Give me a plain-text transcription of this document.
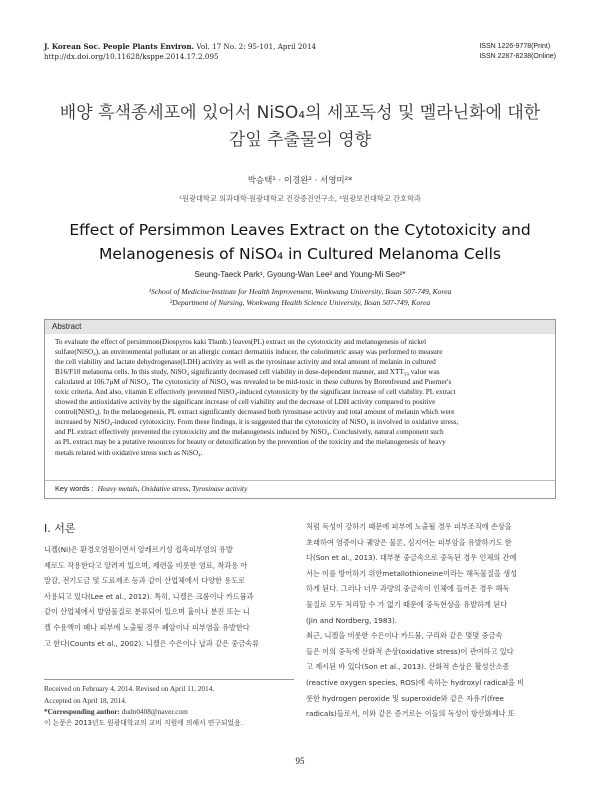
J. Korean Soc. People Plants Environ. Vol. 17 No. 2: 95-101, April 2014
http://dx.doi.org/10.11628/ksppe.2014.17.2.095
ISSN 1226-9778(Print)
ISSN 2287-8238(Online)
배양 흑색종세포에 있어서 NiSO₄의 세포독성 및 멜라닌화에 대한
감잎 추출물의 영향
박승택¹ · 이경완² · 서영미²*
¹원광대학교 의과대학·원광대학교 건강증진연구소, ²원광보건대학교 간호학과
Effect of Persimmon Leaves Extract on the Cytotoxicity and
Melanogenesis of NiSO₄ in Cultured Melanoma Cells
Seung-Taeck Park¹, Gyoung-Wan Lee² and Young-Mi Seo²*
¹School of Medicine·Institute for Health Improvement, Wonkwang University, Iksan 507-749, Korea
²Department of Nursing, Wonkwang Health Science University, Iksan 507-749, Korea
Abstract

To evaluate the effect of persimmon(Diospyros kaki Thunb.) leaves(PL) extract on the cytotoxicity and melanogenesis of nickel
sulfate(NiSO₄), an environmental pollutant or an allergic contact dermatitis inducer, the colorimetric assay was performed to measure
the cell viability and lactate dehydrogenase(LDH) activity as well as the tyrosinase activity and total amount of melanin in cultured
B16/F10 melanoma cells. In this study, NiSO₄ significantly decreased cell viability in dose-dependent manner, and XTT₅₀ value was
calculated at 106.7μM of NiSO₄. The cytotoxicity of NiSO₄ was revealed to be mid-toxic in these cultures by Borenfreund and Puerner's
toxic criteria. And also, vitamin E effectively prevented NiSO₄-induced cytotoxicity by the significant increase of cell viability. PL extract
showed the antioxidative activity by the significant increase of cell viability and the decrease of LDH activity compared to positive
control(NiSO₄). In the melanogenesis, PL extract significantly decreased both tyrosinase activity and total amount of melanin which were
increased by NiSO₄-induced cytotoxicity. From these findings, it is suggested that the cytotoxicity of NiSO₄ is involved in oxidative stress,
and PL extract effectively prevented the cytotoxicity and the melanogenesis induced by NiSO₄. Conclusively, natural component such
as PL extract may be a putative resources for beauty or detoxification by the prevention of the toxicity and the melanogenesis of heavy
metals related with oxidative stress such as NiSO₄.

Key words : Heavy metals, Oxidative stress, Tyrosinase activity
Ⅰ. 서론
니켈(Ni)은 환경오염원이면서 알레르기성 접촉피부염의 유발
제로도 작용한다고 알려져 있으며, 제련을 비롯한 염료, 착과용 아
말감, 전기도금 및 도료제조 등과 같이 산업체에서 다양한 용도로
사용되고 있다(Lee et al., 2012). 특히, 니켈은 크롬이나 카드뮴과
같이 산업체에서 발암물질로 분류되어 있으며 흄이나 분진 또는 니
켈 수용액이 폐나 피부에 노출될 경우 폐암이나 피부염을 유발한다
고 한다(Counts et al., 2002). 니켈은 수은이나 납과 같은 중금속류
처럼 독성이 강하기 때문에 피부에 노출될 경우 피부조직에 손상을
초래하여 염증이나 궤양은 물론, 심지어는 피부암을 유발하기도 한
다(Son et al., 2013). 대부분 중금속으로 중독된 경우 인체의 간에
서는 이를 방어하기 위한metallothioneine이라는 해독물질을 생성
하게 된다. 그러나 너무 과량의 중금속이 인체에 들어온 경우 해독
물질로 모두 처리할 수 가 없기 때문에 중독현상을 유발하게 된다
(Jin and Nordberg, 1983).
최근, 니켈을 비롯한 수은이나 카드뮴, 구리와 같은 몇몇 중금속
들은 이의 중독에 산화적 손상(oxidative stress)이 관여하고 있다
고 제시된 바 있다(Son et al., 2013). 산화적 손상은 활성산소종
(reactive oxygen species, ROS)에 속하는 hydroxyl radical을 비
롯한 hydrogen peroxide 및 superoxide와 같은 자유기(free
radicals)들로서, 이와 같은 증거로는 이들의 독성이 항산화제나 또
Received on February 4, 2014. Revised on April 11, 2014.
Accepted on April 18, 2014.
*Corresponding author: dudn0408@naver.com
이 논문은 2013년도 원광대학교의 교비 지원에 의해서 연구되었음.
95
